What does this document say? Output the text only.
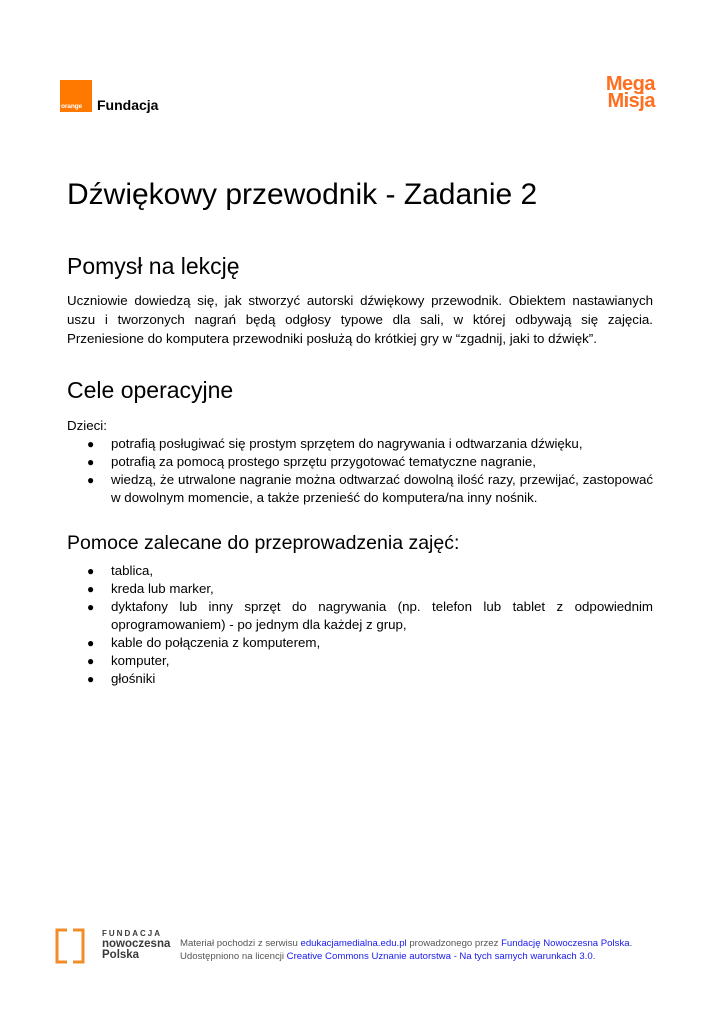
orange Fundacja
Mega
Misja
Dźwiękowy przewodnik - Zadanie 2
Pomysł na lekcję

Uczniowie dowiedzą się, jak stworzyć autorski dźwiękowy przewodnik. Obiektem nastawianych uszu i tworzonych nagrań będą odgłosy typowe dla sali, w której odbywają się zajęcia. Przeniesione do komputera przewodniki posłużą do krótkiej gry w “zgadnij, jaki to dźwięk”.

Cele operacyjne

Dzieci:

● potrafią posługiwać się prostym sprzętem do nagrywania i odtwarzania dźwięku,
● potrafią za pomocą prostego sprzętu przygotować tematyczne nagranie,
● wiedzą, że utrwalone nagranie można odtwarzać dowolną ilość razy, przewijać, zastopować w dowolnym momencie, a także przenieść do komputera/na inny nośnik.
Pomoce zalecane do przeprowadzenia zajęć:
● tablica,
● kreda lub marker,
● dyktafony lub inny sprzęt do nagrywania (np. telefon lub tablet z odpowiednim oprogramowaniem) - po jednym dla każdej z grup,
● kable do połączenia z komputerem,
● komputer,
● głośniki
FUNDACJA
nowoczesna
Polska
Materiał pochodzi z serwisu edukacjamedialna.edu.pl prowadzonego przez Fundację Nowoczesna Polska.
Udostępniono na licencji Creative Commons Uznanie autorstwa - Na tych samych warunkach 3.0.
